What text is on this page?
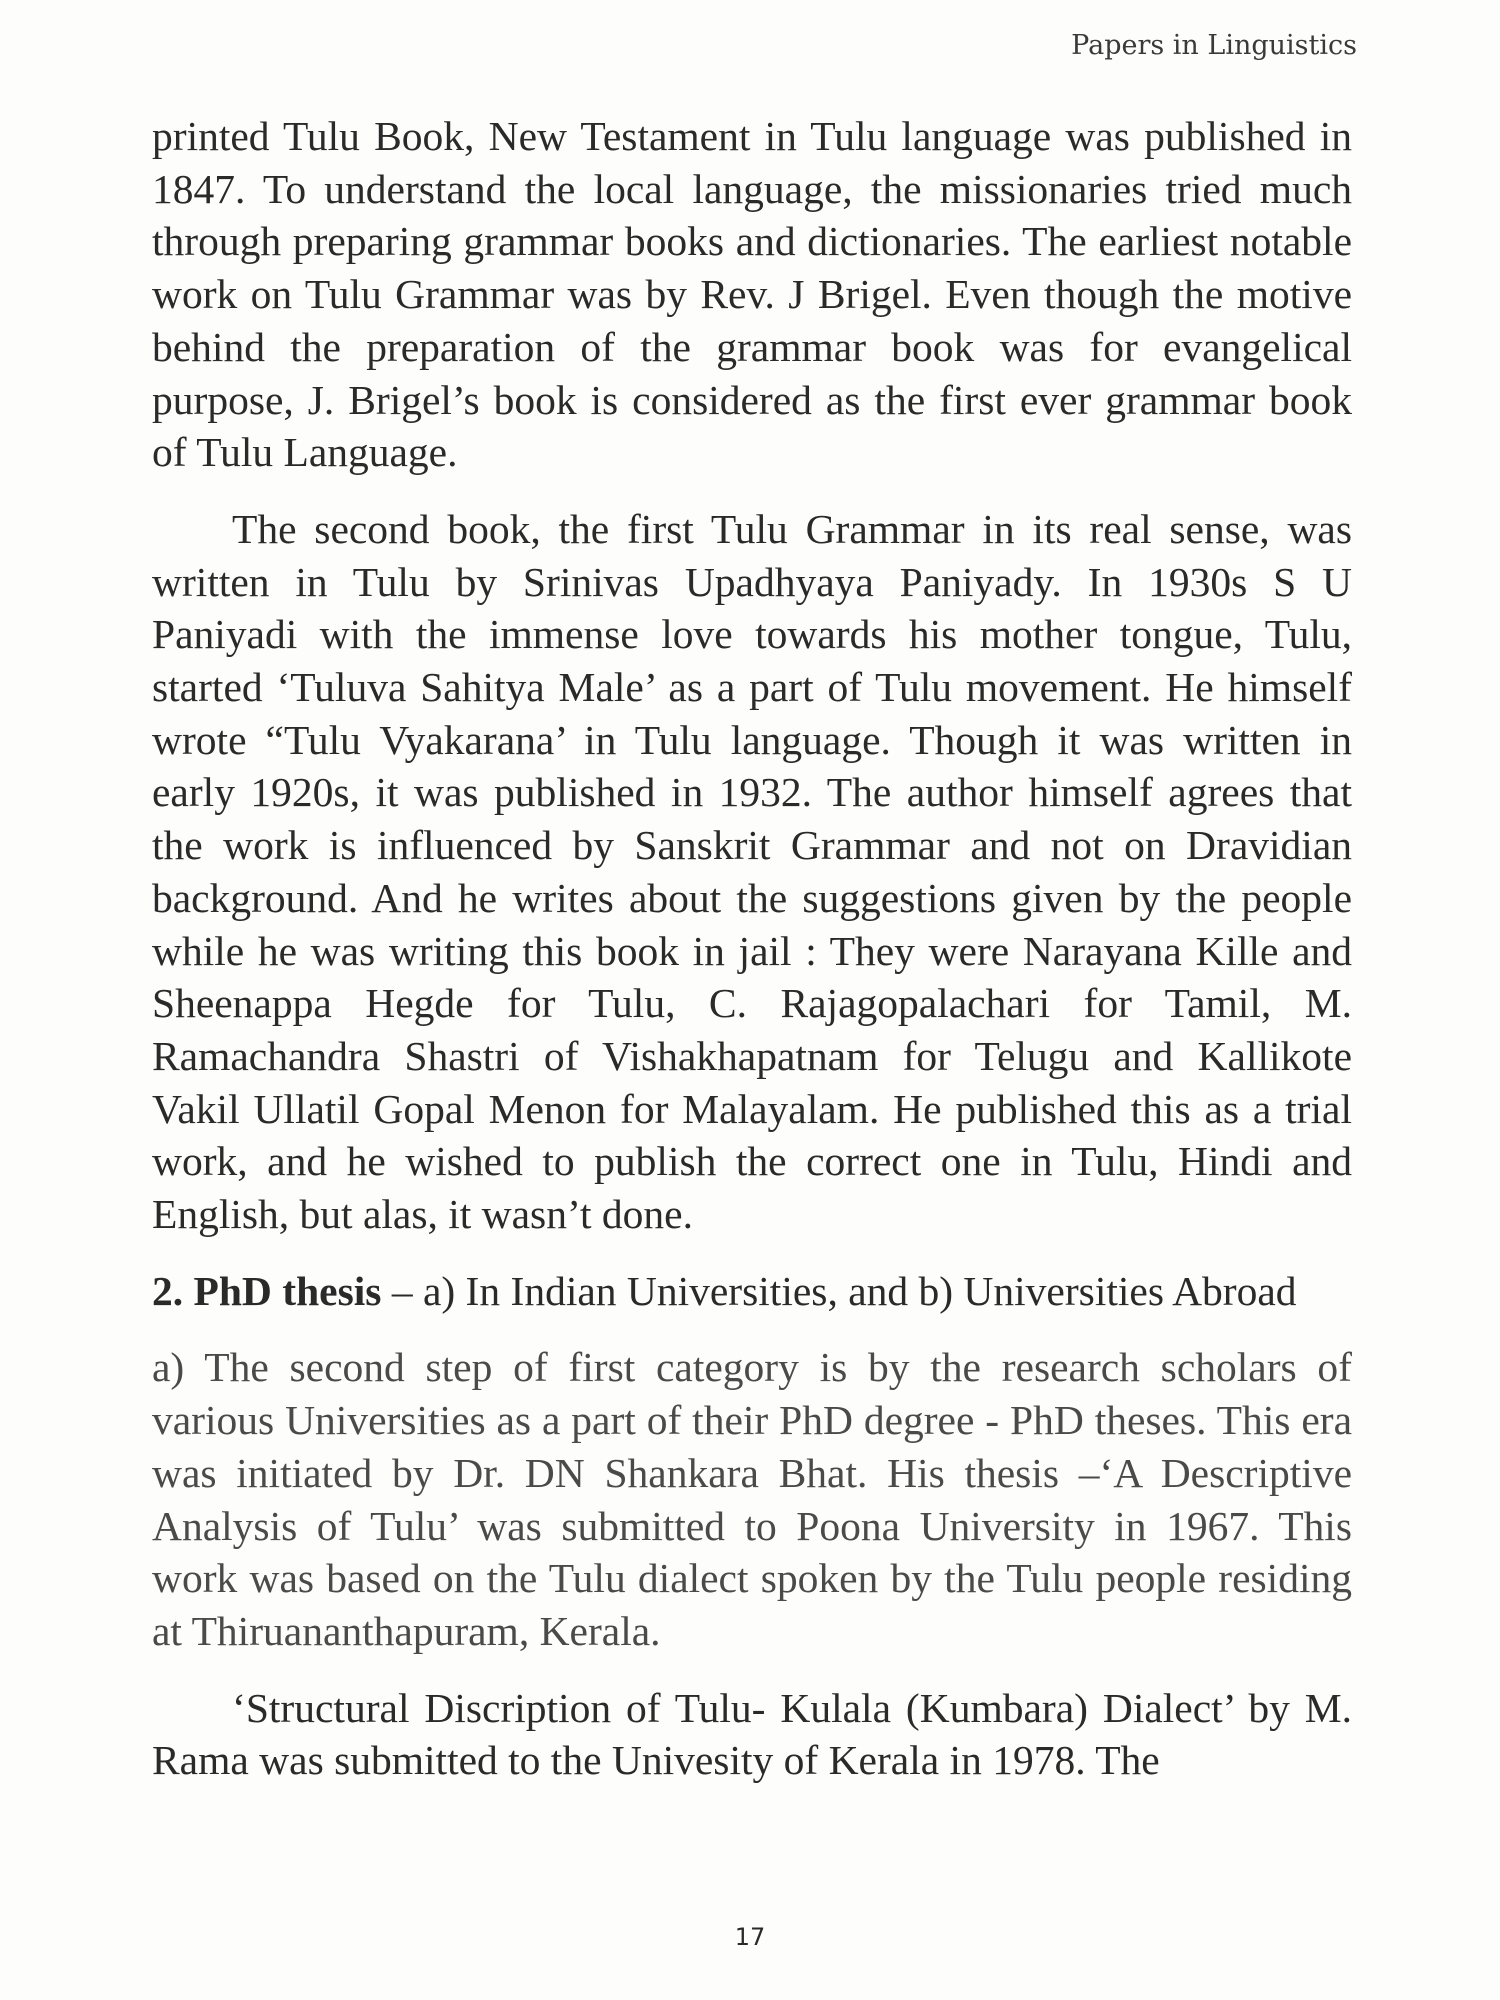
Papers in Linguistics

printed Tulu Book, New Testament in Tulu language was published in 1847. To understand the local language, the missionaries tried much through preparing grammar books and dictionaries. The earliest notable work on Tulu Grammar was by Rev. J Brigel. Even though the motive behind the preparation of the grammar book was for evangelical purpose, J. Brigel’s book is considered as the first ever grammar book of Tulu Language.

The second book, the first Tulu Grammar in its real sense, was written in Tulu by Srinivas Upadhyaya Paniyady. In 1930s S U Paniyadi with the immense love towards his mother tongue, Tulu, started ‘Tuluva Sahitya Male’ as a part of Tulu movement. He himself wrote “Tulu Vyakarana’ in Tulu language. Though it was written in early 1920s, it was published in 1932. The author himself agrees that the work is influenced by Sanskrit Grammar and not on Dravidian background. And he writes about the suggestions given by the people while he was writing this book in jail : They were Narayana Kille and Sheenappa Hegde for Tulu, C. Rajagopalachari for Tamil, M. Ramachandra Shastri of Vishakhapatnam for Telugu and Kallikote Vakil Ullatil Gopal Menon for Malayalam. He published this as a trial work, and he wished to publish the correct one in Tulu, Hindi and English, but alas, it wasn’t done.

2. PhD thesis – a) In Indian Universities, and b) Universities Abroad

a) The second step of first category is by the research scholars of various Universities as a part of their PhD degree - PhD theses. This era was initiated by Dr. DN Shankara Bhat. His thesis –‘A Descriptive Analysis of Tulu’ was submitted to Poona University in 1967. This work was based on the Tulu dialect spoken by the Tulu people residing at Thiruananthapuram, Kerala.

‘Structural Discription of Tulu- Kulala (Kumbara) Dialect’ by M. Rama was submitted to the Univesity of Kerala in 1978. The

17
